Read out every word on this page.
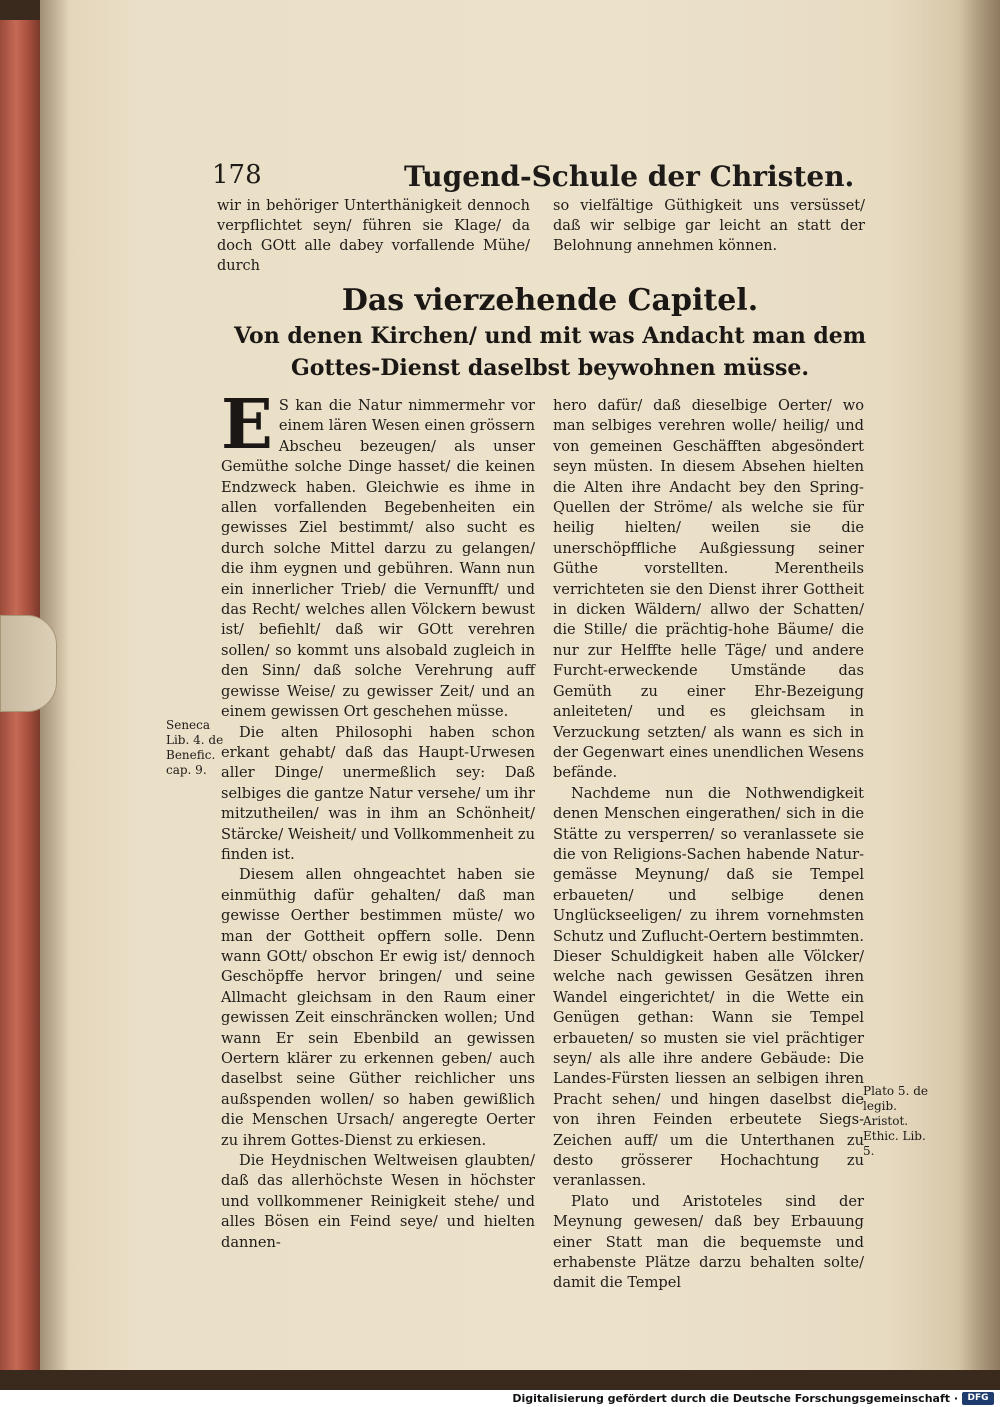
178	Tugend-Schule der Christen.

wir in behöriger Unterthänigkeit dennoch verpflichtet seyn/ führen sie Klage/ da doch GOtt alle dabey vorfallende Mühe/ durch

so vielfältige Güthigkeit uns versüsset/ daß wir selbige gar leicht an statt der Belohnung annehmen können.

Das vierzehende Capitel.
Von denen Kirchen/ und mit was Andacht man dem
Gottes-Dienst daselbst beywohnen müsse.

E S kan die Natur nimmermehr vor einem lären Wesen einen grössern Abscheu bezeugen/ als unser Gemüthe solche Dinge hasset/ die keinen Endzweck haben. Gleichwie es ihme in allen vorfallenden Begebenheiten ein gewisses Ziel bestimmt/ also sucht es durch solche Mittel darzu zu gelangen/ die ihm eygnen und gebühren. Wann nun ein innerlicher Trieb/ die Vernunfft/ und das Recht/ welches allen Völckern bewust ist/ befiehlt/ daß wir GOtt verehren sollen/ so kommt uns alsobald zugleich in den Sinn/ daß solche Verehrung auff gewisse Weise/ zu gewisser Zeit/ und an einem gewissen Ort geschehen müsse.

Die alten Philosophi haben schon erkant gehabt/ daß das Haupt-Urwesen aller Dinge/ unermeßlich sey: Daß selbiges die gantze Natur versehe/ um ihr mitzutheilen/ was in ihm an Schönheit/ Stärcke/ Weisheit/ und Vollkommenheit zu finden ist.

Diesem allen ohngeachtet haben sie einmüthig dafür gehalten/ daß man gewisse Oerther bestimmen müste/ wo man der Gottheit opffern solle. Denn wann GOtt/ obschon Er ewig ist/ dennoch Geschöpffe hervor bringen/ und seine Allmacht gleichsam in den Raum einer gewissen Zeit einschräncken wollen; Und wann Er sein Ebenbild an gewissen Oertern klärer zu erkennen geben/ auch daselbst seine Güther reichlicher uns außspenden wollen/ so haben gewißlich die Menschen Ursach/ angeregte Oerter zu ihrem Gottes-Dienst zu erkiesen.

Die Heydnischen Weltweisen glaubten/ daß das allerhöchste Wesen in höchster und vollkommener Reinigkeit stehe/ und alles Bösen ein Feind seye/ und hielten dannen-

hero dafür/ daß dieselbige Oerter/ wo man selbiges verehren wolle/ heilig/ und von gemeinen Geschäfften abgesöndert seyn müsten. In diesem Absehen hielten die Alten ihre Andacht bey den Spring-Quellen der Ströme/ als welche sie für heilig hielten/ weilen sie die unerschöpffliche Außgiessung seiner Güthe vorstellten. Merentheils verrichteten sie den Dienst ihrer Gottheit in dicken Wäldern/ allwo der Schatten/ die Stille/ die prächtig-hohe Bäume/ die nur zur Helffte helle Täge/ und andere Furcht-erweckende Umstände das Gemüth zu einer Ehr-Bezeigung anleiteten/ und es gleichsam in Verzuckung setzten/ als wann es sich in der Gegenwart eines unendlichen Wesens befände.

Nachdeme nun die Nothwendigkeit denen Menschen eingerathen/ sich in die Stätte zu versperren/ so veranlassete sie die von Religions-Sachen habende Natur-gemässe Meynung/ daß sie Tempel erbaueten/ und selbige denen Unglückseeligen/ zu ihrem vornehmsten Schutz und Zuflucht-Oertern bestimmten. Dieser Schuldigkeit haben alle Völcker/ welche nach gewissen Gesätzen ihren Wandel eingerichtet/ in die Wette ein Genügen gethan: Wann sie Tempel erbaueten/ so musten sie viel prächtiger seyn/ als alle ihre andere Gebäude: Die Landes-Fürsten liessen an selbigen ihren Pracht sehen/ und hingen daselbst die von ihren Feinden erbeutete Siegs-Zeichen auff/ um die Unterthanen zu desto grösserer Hochachtung zu veranlassen.

Plato und Aristoteles sind der Meynung gewesen/ daß bey Erbauung einer Statt man die bequemste und erhabenste Plätze darzu behalten solte/ damit die Tempel

Seneca Lib. 4. de Benefic. cap. 9.
Plato 5. de legib. Aristot. Ethic. Lib. 5.
Digitalisierung gefördert durch die Deutsche Forschungsgemeinschaft ·	DFG
